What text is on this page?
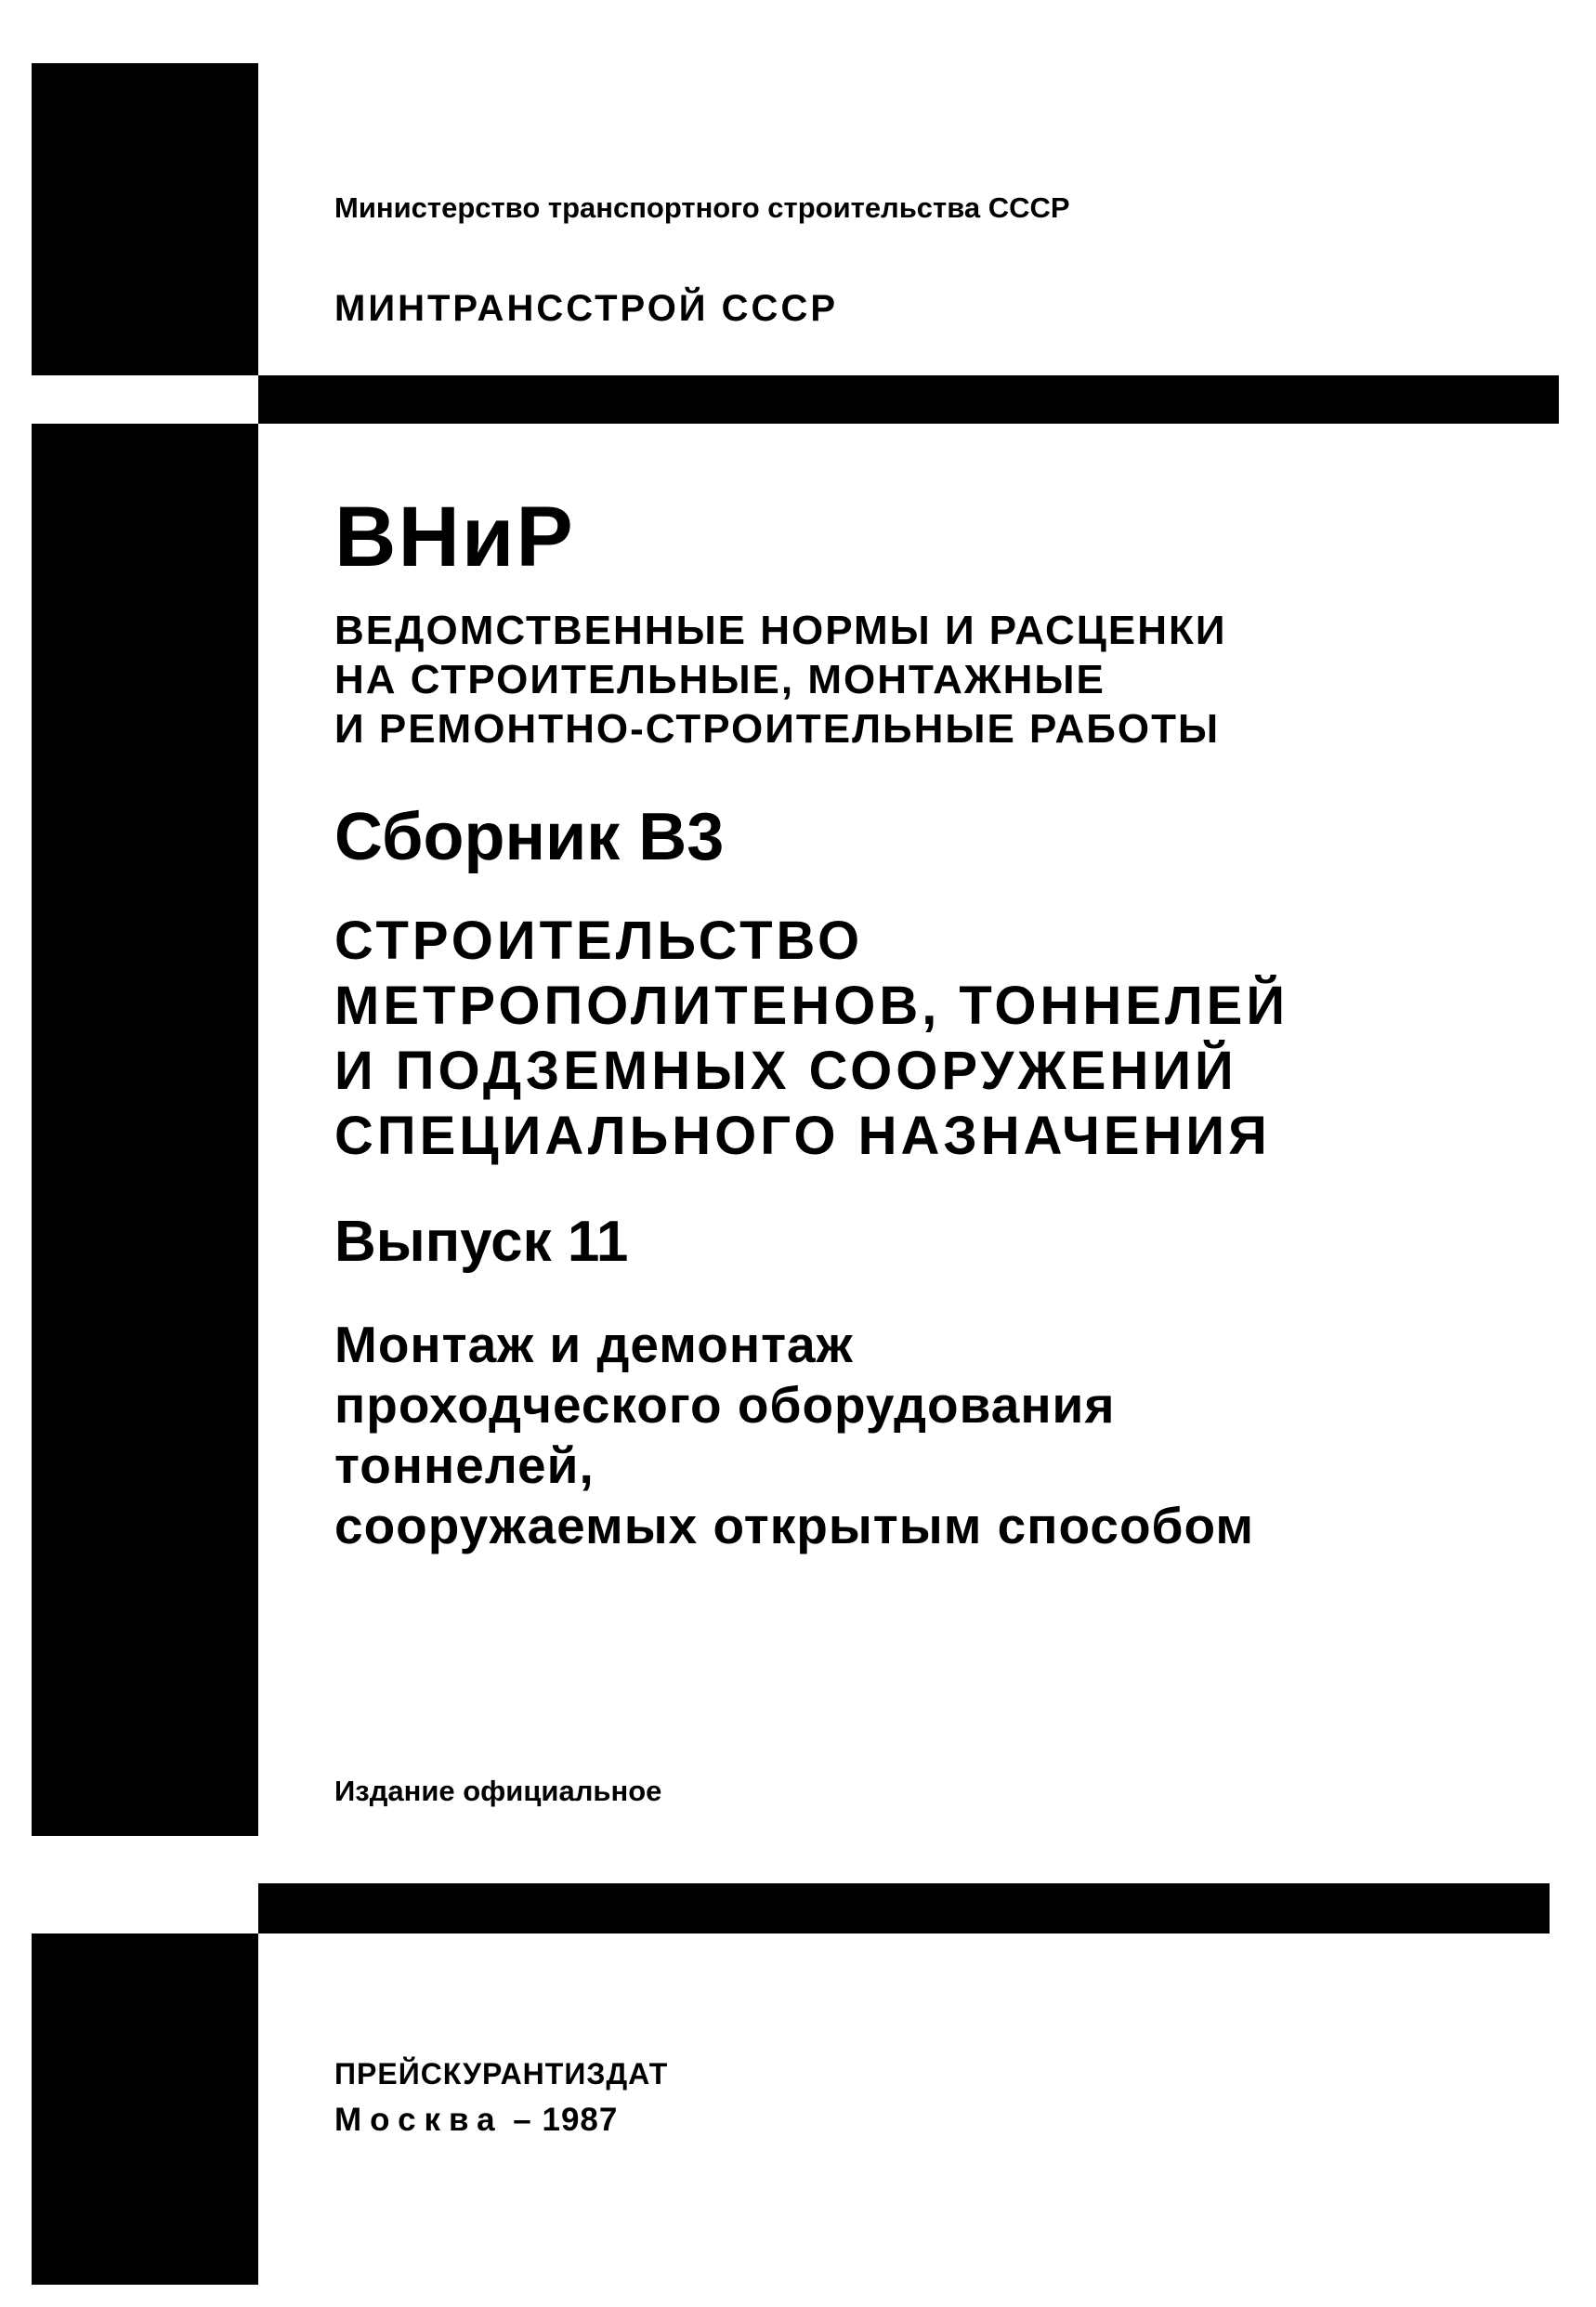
Министерство транспортного строительства СССР

МИНТРАНССТРОЙ СССР

ВНиР

ВЕДОМСТВЕННЫЕ НОРМЫ И РАСЦЕНКИ
НА СТРОИТЕЛЬНЫЕ, МОНТАЖНЫЕ
И РЕМОНТНО-СТРОИТЕЛЬНЫЕ РАБОТЫ

Сборник В3

СТРОИТЕЛЬСТВО
МЕТРОПОЛИТЕНОВ, ТОННЕЛЕЙ
И ПОДЗЕМНЫХ СООРУЖЕНИЙ
СПЕЦИАЛЬНОГО НАЗНАЧЕНИЯ

Выпуск 11

Монтаж и демонтаж
проходческого оборудования
тоннелей,
сооружаемых открытым способом

Издание официальное

ПРЕЙСКУРАНТИЗДАТ

Москва – 1987
